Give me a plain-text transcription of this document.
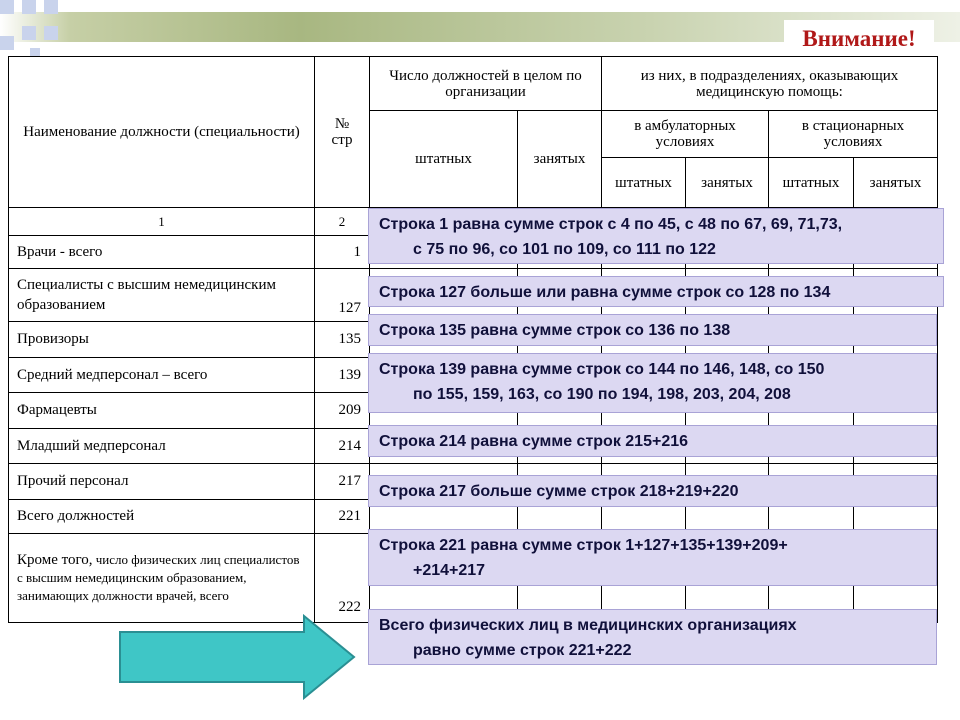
Внимание!
Наименование должности (специальности)	№ стр	Число должностей в целом по организации		из них, в подразделениях, оказывающих медицинскую помощь:			
		штатных	занятых	в амбулаторных условиях		в стационарных условиях	
				штатных	занятых	штатных	занятых
1	2						
Врачи - всего	1						
Специалисты с высшим немедицинским образованием	127						
Провизоры	135						
Средний медперсонал – всего	139						
Фармацевты	209						
Младший медперсонал	214						
Прочий персонал	217						
Всего должностей	221						
Кроме того, число физических лиц специалистов с высшим немедицинским образованием, занимающих должности врачей, всего	222						
Строка 1 равна сумме строк с 4 по 45, с 48 по 67, 69, 71,73,
с 75 по 96, со 101 по 109, со 111 по 122
Строка 127 больше или равна сумме строк со 128 по 134
Строка 135 равна сумме строк со 136 по 138
Строка 139 равна сумме строк со 144 по 146, 148, со 150
по 155, 159, 163, со 190 по 194, 198, 203, 204, 208
Строка 214 равна сумме строк 215+216
Строка 217 больше сумме строк 218+219+220
Строка 221 равна сумме строк 1+127+135+139+209+
+214+217
Всего физических лиц в медицинских организациях
равно сумме строк 221+222
